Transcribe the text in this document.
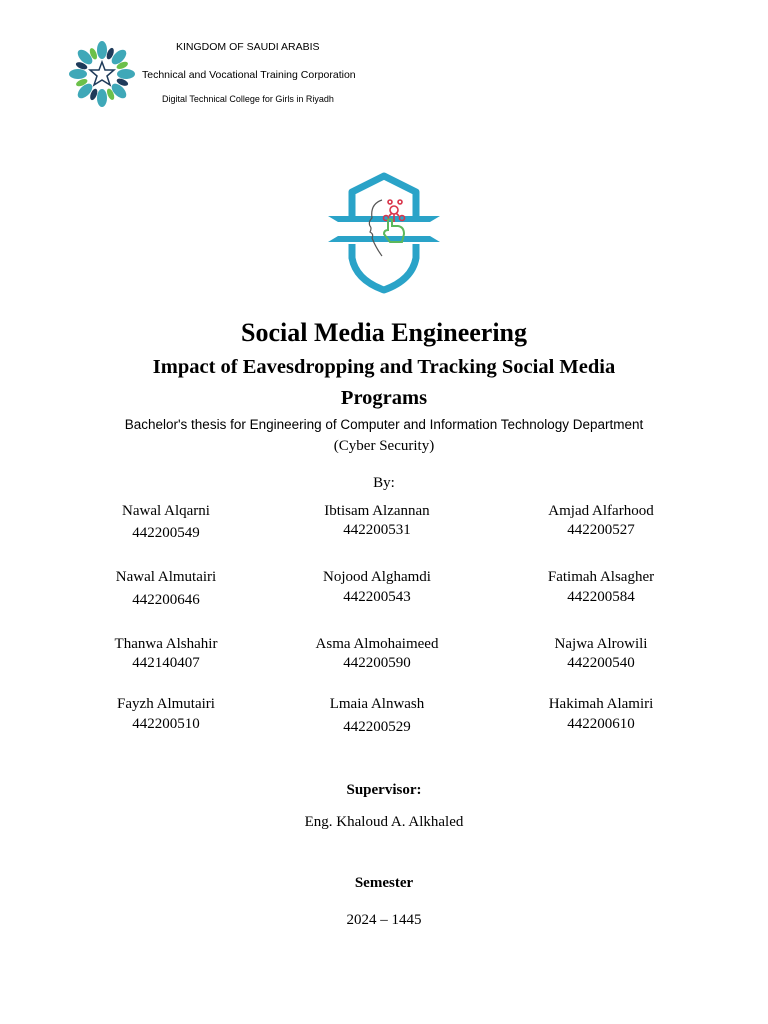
KINGDOM OF SAUDI ARABIS
Technical and Vocational Training Corporation
Digital Technical College for Girls in Riyadh
Social Media Engineering
Impact of Eavesdropping and Tracking Social Media
Programs
Bachelor's thesis for Engineering of Computer and Information Technology Department
(Cyber Security)
By:
Nawal Alqarni
442200549
Ibtisam Alzannan
442200531
Amjad Alfarhood
442200527
Nawal Almutairi
442200646
Nojood Alghamdi
442200543
Fatimah Alsagher
442200584
Thanwa Alshahir
442140407
Asma Almohaimeed
442200590
Najwa Alrowili
442200540
Fayzh Almutairi
442200510
Lmaia Alnwash
442200529
Hakimah Alamiri
442200610
Supervisor:
Eng. Khaloud A. Alkhaled
Semester
2024 – 1445
